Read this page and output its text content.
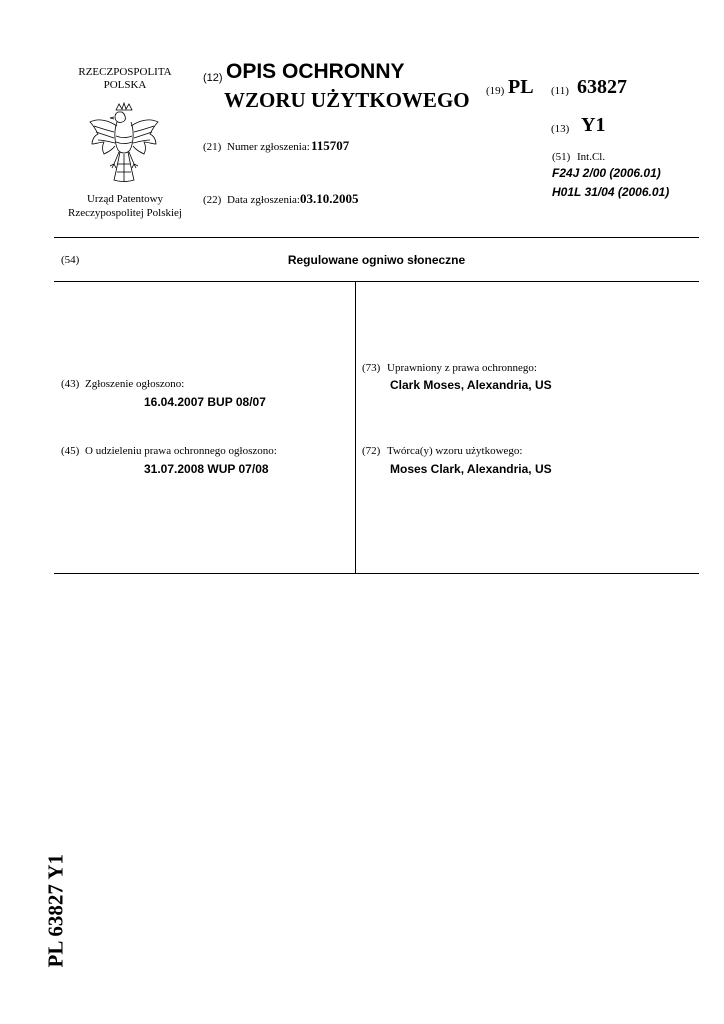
RZECZPOSPOLITA
POLSKA
Urząd Patentowy
Rzeczypospolitej Polskiej
(12) OPIS OCHRONNY
WZORU UŻYTKOWEGO (19) PL (11) 63827
(13) Y1
(21) Numer zgłoszenia: 115707
(22) Data zgłoszenia: 03.10.2005
(51) Int.Cl.
F24J 2/00 (2006.01)
H01L 31/04 (2006.01)
(54)	Regulowane ogniwo słoneczne
(43) Zgłoszenie ogłoszono:
16.04.2007 BUP 08/07
(45) O udzieleniu prawa ochronnego ogłoszono:
31.07.2008 WUP 07/08
(73) Uprawniony z prawa ochronnego:
Clark Moses, Alexandria, US
(72) Twórca(y) wzoru użytkowego:
Moses Clark, Alexandria, US
PL 63827 Y1
